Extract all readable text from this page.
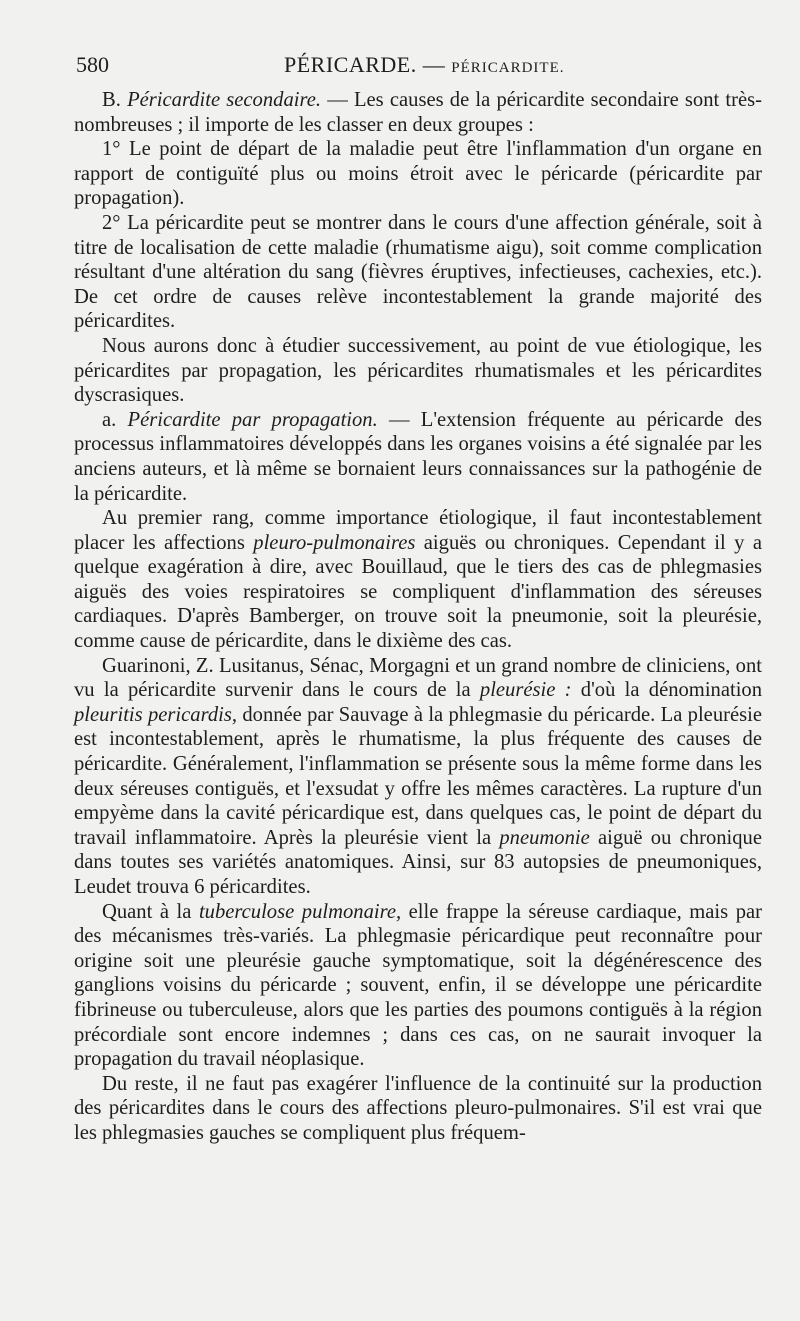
580	PÉRICARDE. — PÉRICARDITE.

B. Péricardite secondaire. — Les causes de la péricardite secondaire sont très-nombreuses ; il importe de les classer en deux groupes :

1° Le point de départ de la maladie peut être l'inflammation d'un organe en rapport de contiguïté plus ou moins étroit avec le péricarde (péricardite par propagation).

2° La péricardite peut se montrer dans le cours d'une affection générale, soit à titre de localisation de cette maladie (rhumatisme aigu), soit comme complication résultant d'une altération du sang (fièvres éruptives, infectieuses, cachexies, etc.). De cet ordre de causes relève incontestablement la grande majorité des péricardites.

Nous aurons donc à étudier successivement, au point de vue étiologique, les péricardites par propagation, les péricardites rhumatismales et les péricardites dyscrasiques.

a. Péricardite par propagation. — L'extension fréquente au péricarde des processus inflammatoires développés dans les organes voisins a été signalée par les anciens auteurs, et là même se bornaient leurs connaissances sur la pathogénie de la péricardite.

Au premier rang, comme importance étiologique, il faut incontestablement placer les affections pleuro-pulmonaires aiguës ou chroniques. Cependant il y a quelque exagération à dire, avec Bouillaud, que le tiers des cas de phlegmasies aiguës des voies respiratoires se compliquent d'inflammation des séreuses cardiaques. D'après Bamberger, on trouve soit la pneumonie, soit la pleurésie, comme cause de péricardite, dans le dixième des cas.

Guarinoni, Z. Lusitanus, Sénac, Morgagni et un grand nombre de cliniciens, ont vu la péricardite survenir dans le cours de la pleurésie : d'où la dénomination pleuritis pericardis, donnée par Sauvage à la phlegmasie du péricarde. La pleurésie est incontestablement, après le rhumatisme, la plus fréquente des causes de péricardite. Généralement, l'inflammation se présente sous la même forme dans les deux séreuses contiguës, et l'exsudat y offre les mêmes caractères. La rupture d'un empyème dans la cavité péricardique est, dans quelques cas, le point de départ du travail inflammatoire. Après la pleurésie vient la pneumonie aiguë ou chronique dans toutes ses variétés anatomiques. Ainsi, sur 83 autopsies de pneumoniques, Leudet trouva 6 péricardites.

Quant à la tuberculose pulmonaire, elle frappe la séreuse cardiaque, mais par des mécanismes très-variés. La phlegmasie péricardique peut reconnaître pour origine soit une pleurésie gauche symptomatique, soit la dégénérescence des ganglions voisins du péricarde ; souvent, enfin, il se développe une péricardite fibrineuse ou tuberculeuse, alors que les parties des poumons contiguës à la région précordiale sont encore indemnes ; dans ces cas, on ne saurait invoquer la propagation du travail néoplasique.

Du reste, il ne faut pas exagérer l'influence de la continuité sur la production des péricardites dans le cours des affections pleuro-pulmonaires. S'il est vrai que les phlegmasies gauches se compliquent plus fréquem-
